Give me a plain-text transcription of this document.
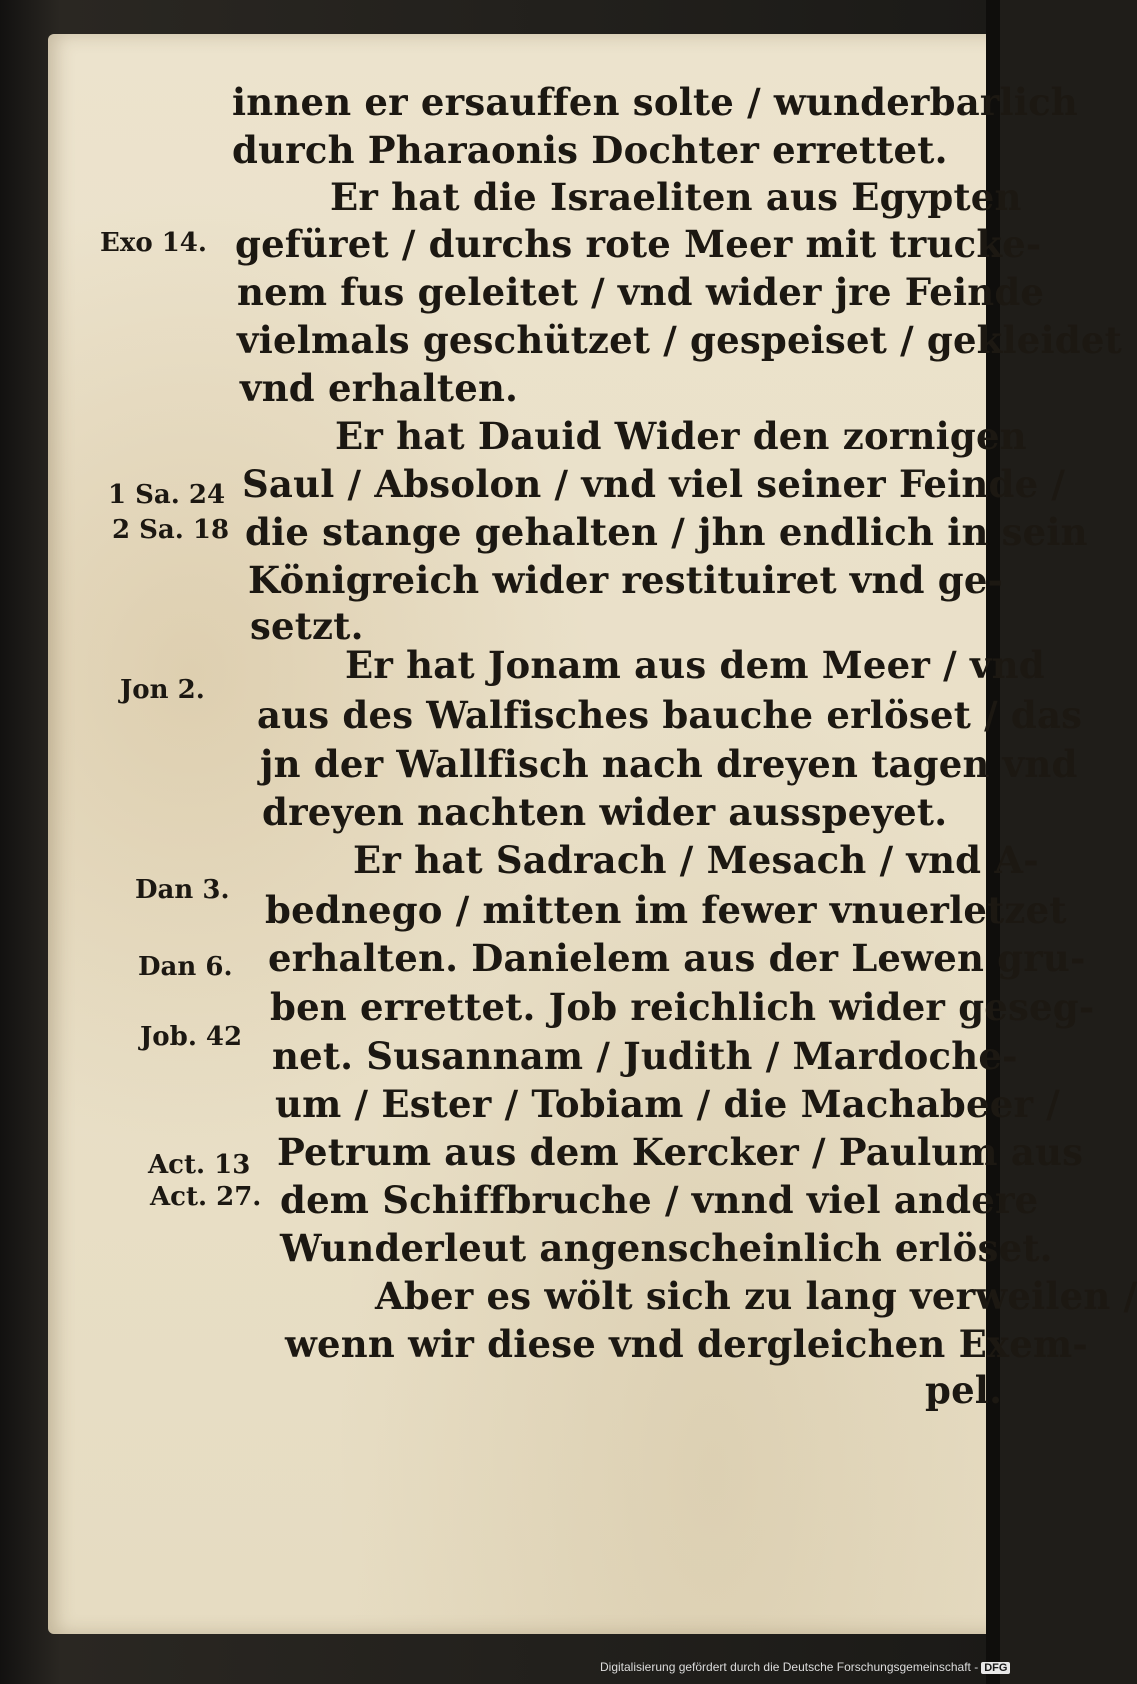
innen er ersauffen solte / wunderbarlich
durch Pharaonis Dochter errettet.
Er hat die Israeliten aus Egypten
gefüret / durchs rote Meer mit trucke-
nem fus geleitet / vnd wider jre Feinde
vielmals geschützet / gespeiset / gekleidet
vnd erhalten.
Er hat Dauid Wider den zornigen
Saul / Absolon / vnd viel seiner Feinde /
die stange gehalten / jhn endlich in sein
Königreich wider restituiret vnd ge-
setzt.
Er hat Jonam aus dem Meer / vnd
aus des Walfisches bauche erlöset / das
jn der Wallfisch nach dreyen tagen vnd
dreyen nachten wider ausspeyet.
Er hat Sadrach / Mesach / vnd A-
bednego / mitten im fewer vnuerletzet
erhalten. Danielem aus der Lewen gru-
ben errettet. Job reichlich wider geseg-
net. Susannam / Judith / Mardoche-
um / Ester / Tobiam / die Machabeer /
Petrum aus dem Kercker / Paulum aus
dem Schiffbruche / vnnd viel andere
Wunderleut angenscheinlich erlöset.
Aber es wölt sich zu lang verweilen /
wenn wir diese vnd dergleichen Exem-
pel.
Exo 14.
1 Sa. 24
2 Sa. 18
Jon 2.
Dan 3.
Dan 6.
Job. 42
Act. 13
Act. 27.
Digitalisierung gefördert durch die Deutsche Forschungsgemeinschaft - DFG
